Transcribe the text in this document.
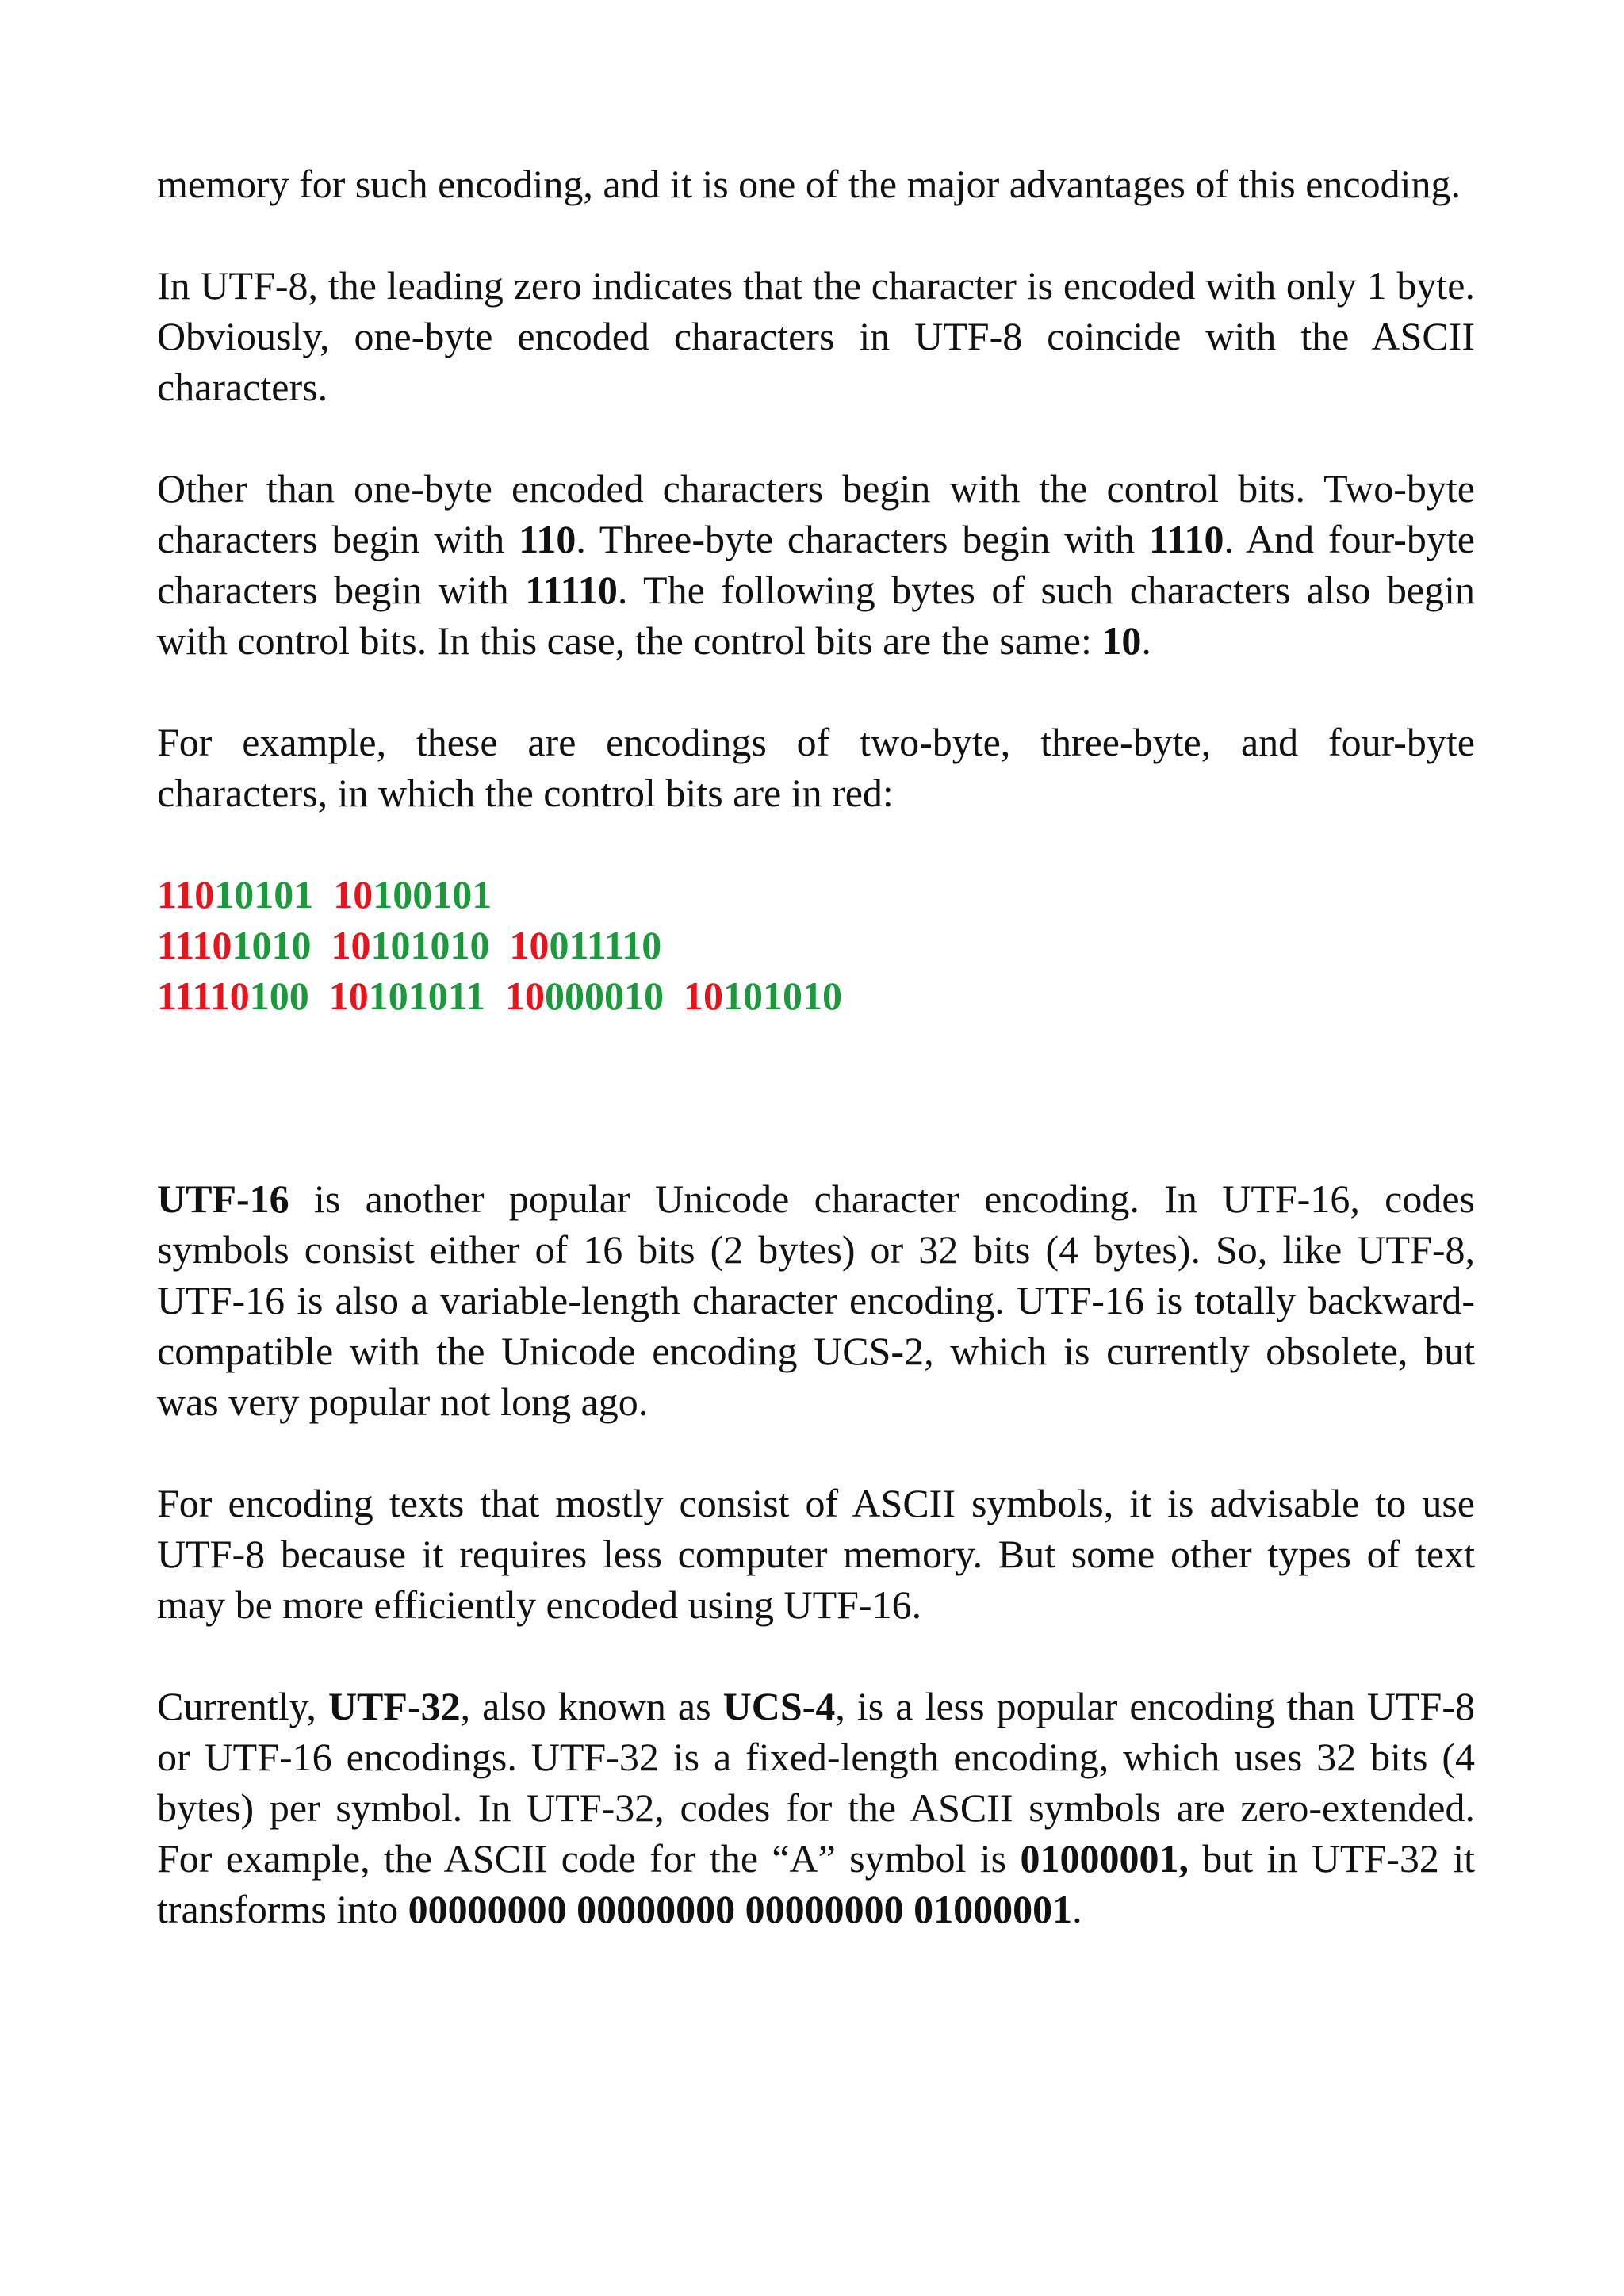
memory for such encoding, and it is one of the major advantages of this encoding.

In UTF-8, the leading zero indicates that the character is encoded with only 1 byte. Obviously, one-byte encoded characters in UTF-8 coincide with the ASCII characters.

Other than one-byte encoded characters begin with the control bits. Two-byte characters begin with 110. Three-byte characters begin with 1110. And four-byte characters begin with 11110. The following bytes of such characters also begin with control bits. In this case, the control bits are the same: 10.

For example, these are encodings of two-byte, three-byte, and four-byte characters, in which the control bits are in red:

11010101 10100101
11101010 10101010 10011110
11110100 10101011 10000010 10101010

UTF-16 is another popular Unicode character encoding. In UTF-16, codes symbols consist either of 16 bits (2 bytes) or 32 bits (4 bytes). So, like UTF-8, UTF-16 is also a variable-length character encoding. UTF-16 is totally backward-compatible with the Unicode encoding UCS-2, which is currently obsolete, but was very popular not long ago.

For encoding texts that mostly consist of ASCII symbols, it is advisable to use UTF-8 because it requires less computer memory. But some other types of text may be more efficiently encoded using UTF-16.

Currently, UTF-32, also known as UCS-4, is a less popular encoding than UTF-8 or UTF-16 encodings. UTF-32 is a fixed-length encoding, which uses 32 bits (4 bytes) per symbol. In UTF-32, codes for the ASCII symbols are zero-extended. For example, the ASCII code for the “A” symbol is 01000001, but in UTF-32 it transforms into 00000000 00000000 00000000 01000001.
